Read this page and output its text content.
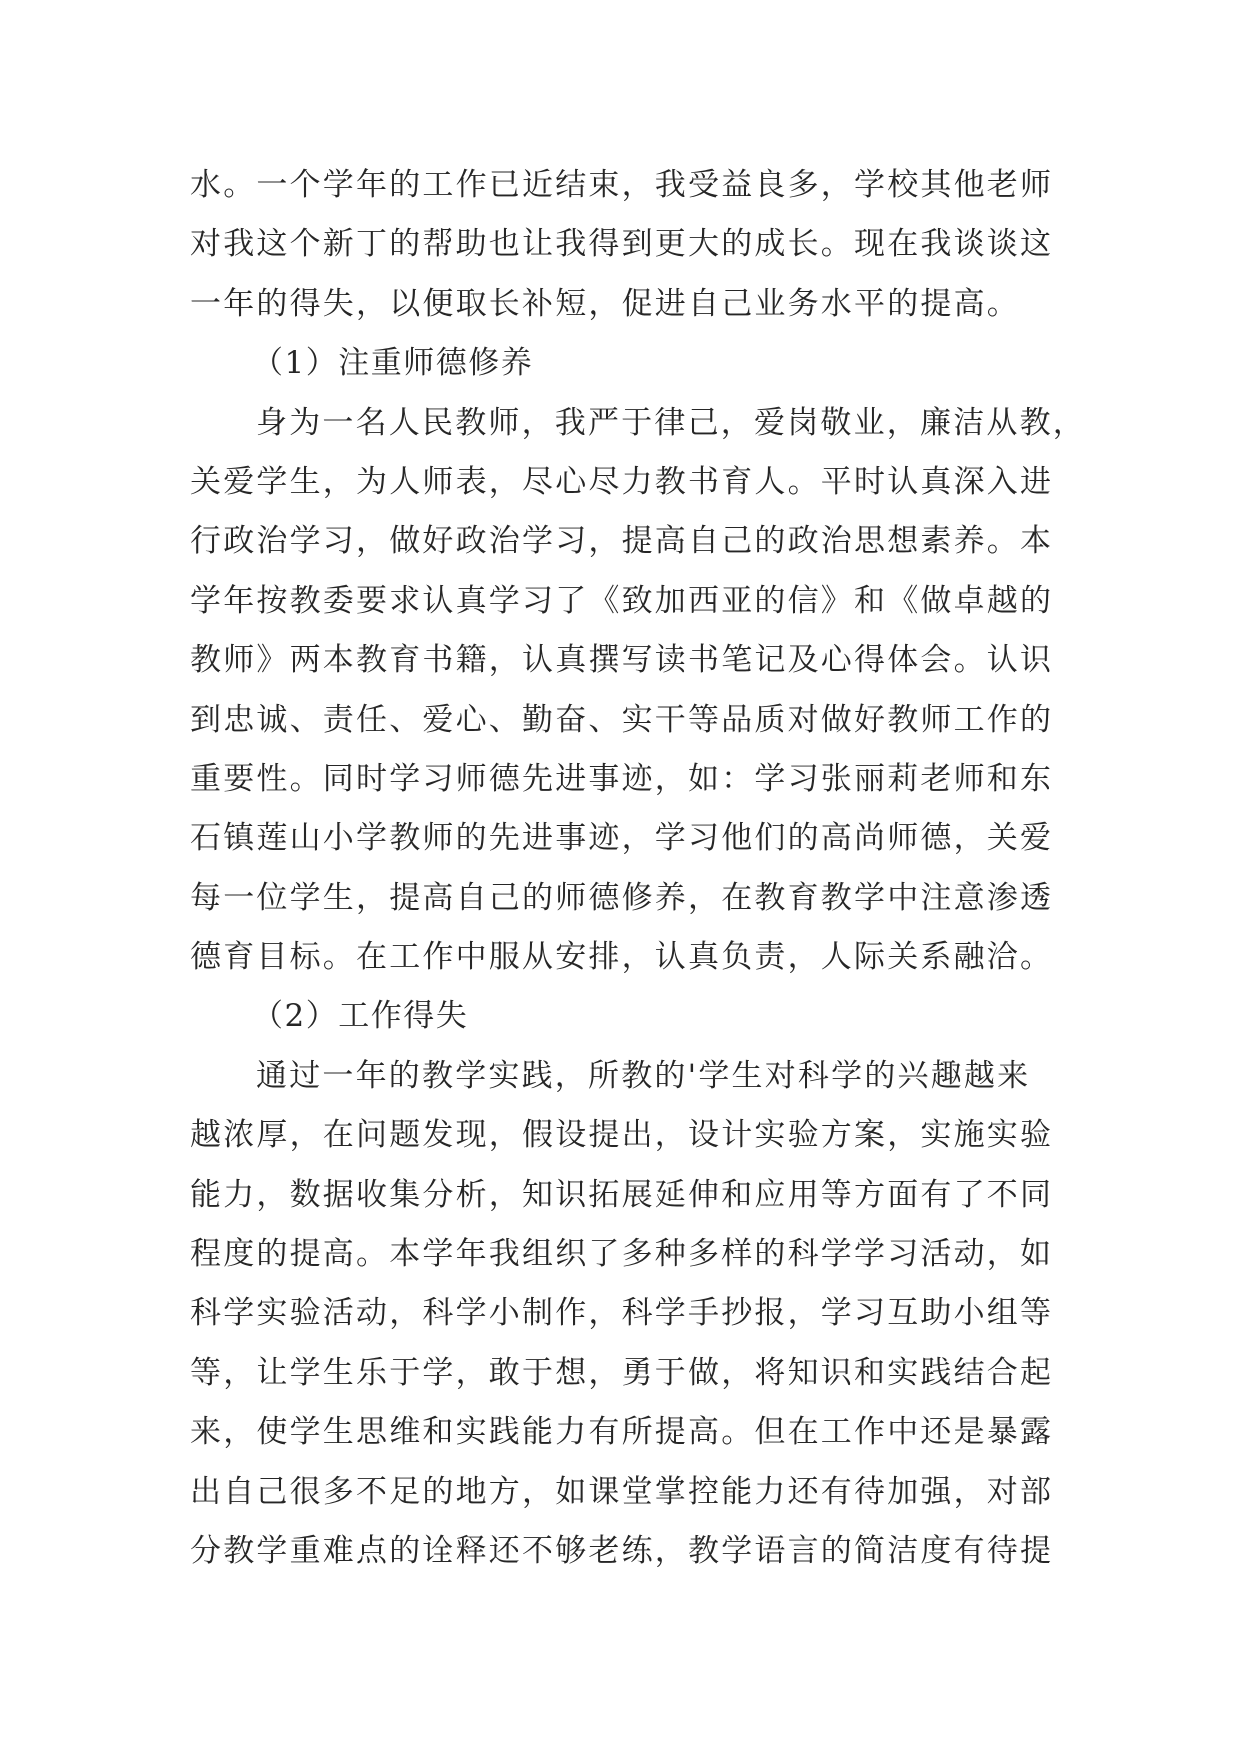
水。一个学年的工作已近结束，我受益良多，学校其他老师
对我这个新丁的帮助也让我得到更大的成长。现在我谈谈这
一年的得失，以便取长补短，促进自己业务水平的提高。
（1）注重师德修养
身为一名人民教师，我严于律己，爱岗敬业，廉洁从教，
关爱学生，为人师表，尽心尽力教书育人。平时认真深入进
行政治学习，做好政治学习，提高自己的政治思想素养。本
学年按教委要求认真学习了《致加西亚的信》和《做卓越的
教师》两本教育书籍，认真撰写读书笔记及心得体会。认识
到忠诚、责任、爱心、勤奋、实干等品质对做好教师工作的
重要性。同时学习师德先进事迹，如：学习张丽莉老师和东
石镇莲山小学教师的先进事迹，学习他们的高尚师德，关爱
每一位学生，提高自己的师德修养，在教育教学中注意渗透
德育目标。在工作中服从安排，认真负责，人际关系融洽。
（2）工作得失
通过一年的教学实践，所教的'学生对科学的兴趣越来
越浓厚，在问题发现，假设提出，设计实验方案，实施实验
能力，数据收集分析，知识拓展延伸和应用等方面有了不同
程度的提高。本学年我组织了多种多样的科学学习活动，如
科学实验活动，科学小制作，科学手抄报，学习互助小组等
等，让学生乐于学，敢于想，勇于做，将知识和实践结合起
来，使学生思维和实践能力有所提高。但在工作中还是暴露
出自己很多不足的地方，如课堂掌控能力还有待加强，对部
分教学重难点的诠释还不够老练，教学语言的简洁度有待提
